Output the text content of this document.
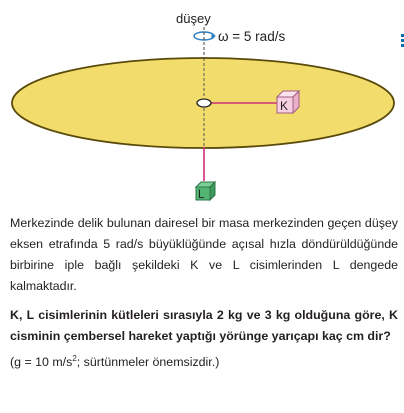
düşey
ω = 5 rad/s
K
L

Merkezinde delik bulunan dairesel bir masa merkezinden geçen düşey eksen etrafında 5 rad/s büyüklüğünde açısal hızla döndürüldüğünde birbirine iple bağlı şekildeki K ve L cisimlerinden L dengede kalmaktadır.

K, L cisimlerinin kütleleri sırasıyla 2 kg ve 3 kg olduğuna göre, K cisminin çembersel hareket yaptığı yörünge yarıçapı kaç cm dir?

(g = 10 $m/s^2$; sürtünmeler önemsizdir.)
